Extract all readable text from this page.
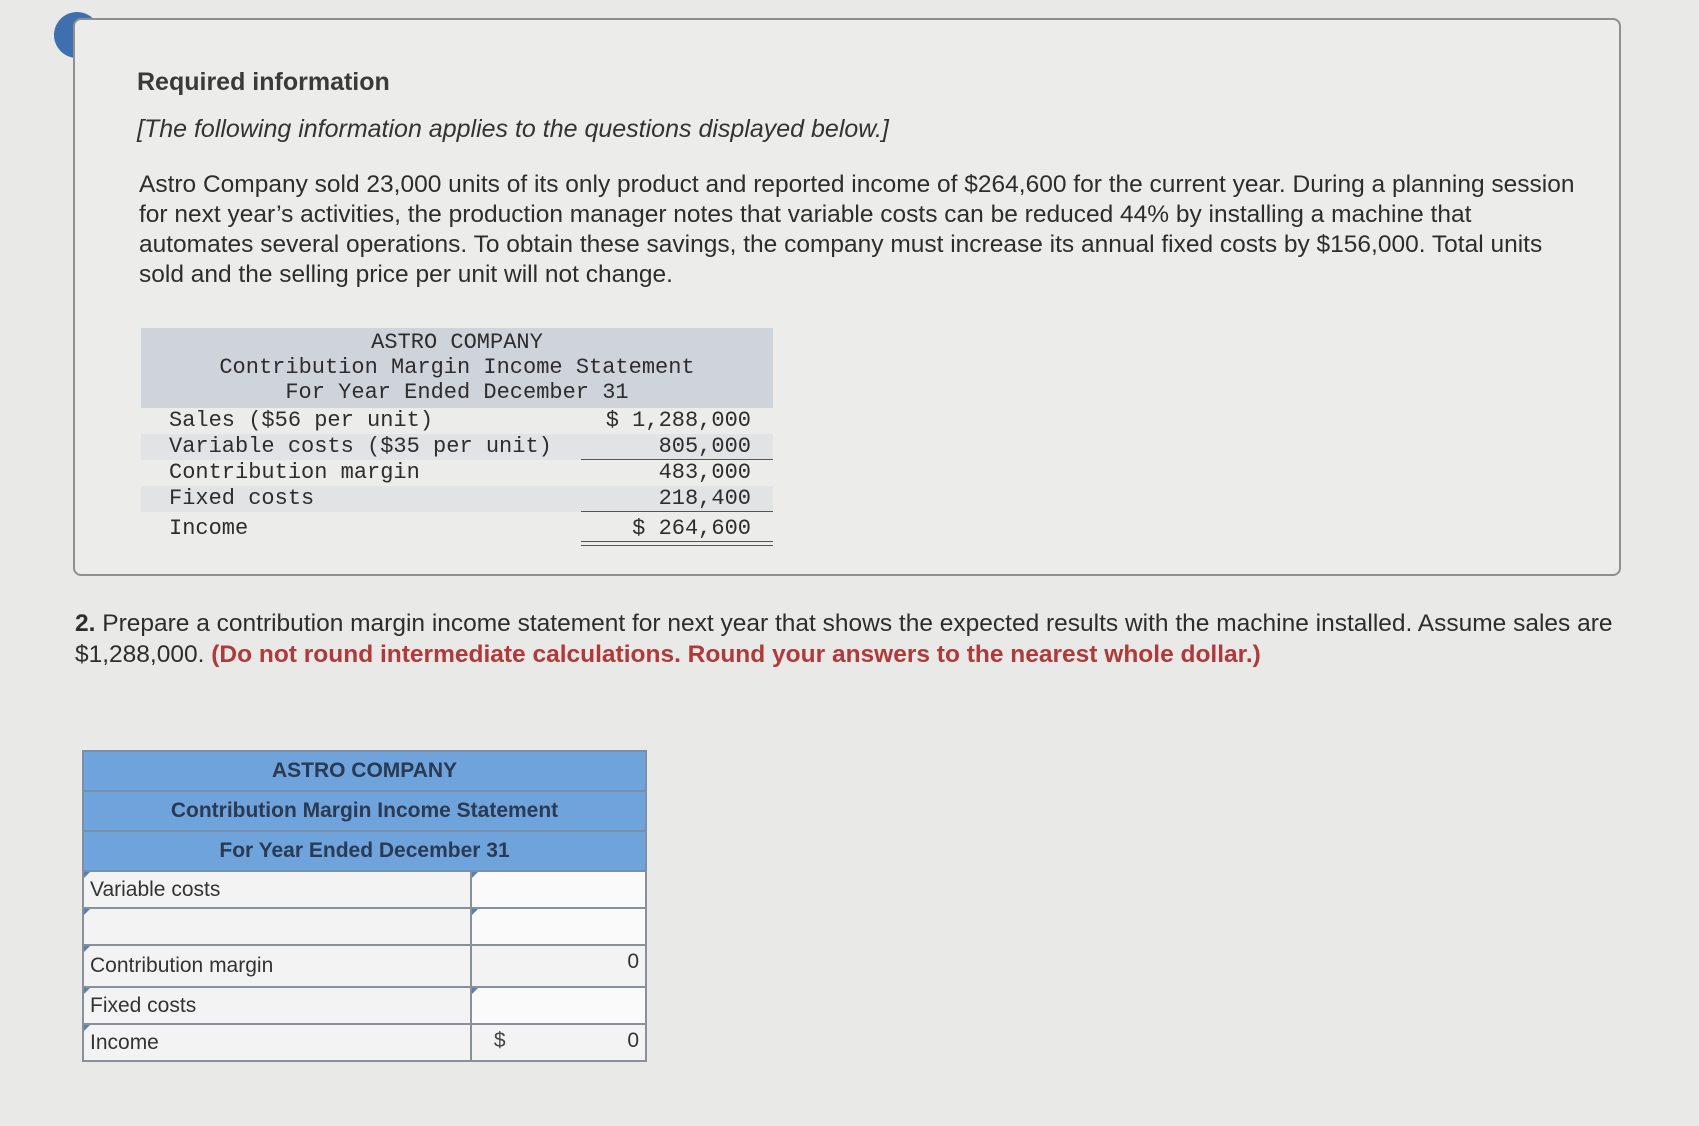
Required information

[The following information applies to the questions displayed below.]

Astro Company sold 23,000 units of its only product and reported income of $264,600 for the current year. During a planning session for next year’s activities, the production manager notes that variable costs can be reduced 44% by installing a machine that automates several operations. To obtain these savings, the company must increase its annual fixed costs by $156,000. Total units sold and the selling price per unit will not change.

ASTRO COMPANY
Contribution Margin Income Statement
For Year Ended December 31
Sales ($56 per unit)	$ 1,288,000
Variable costs ($35 per unit)	805,000
Contribution margin	483,000
Fixed costs	218,400
Income	$ 264,600

2. Prepare a contribution margin income statement for next year that shows the expected results with the machine installed. Assume sales are $1,288,000. (Do not round intermediate calculations. Round your answers to the nearest whole dollar.)

ASTRO COMPANY	
Contribution Margin Income Statement	
For Year Ended December 31	
Variable costs	

Contribution margin	0

Fixed costs	
Income	$ 0
